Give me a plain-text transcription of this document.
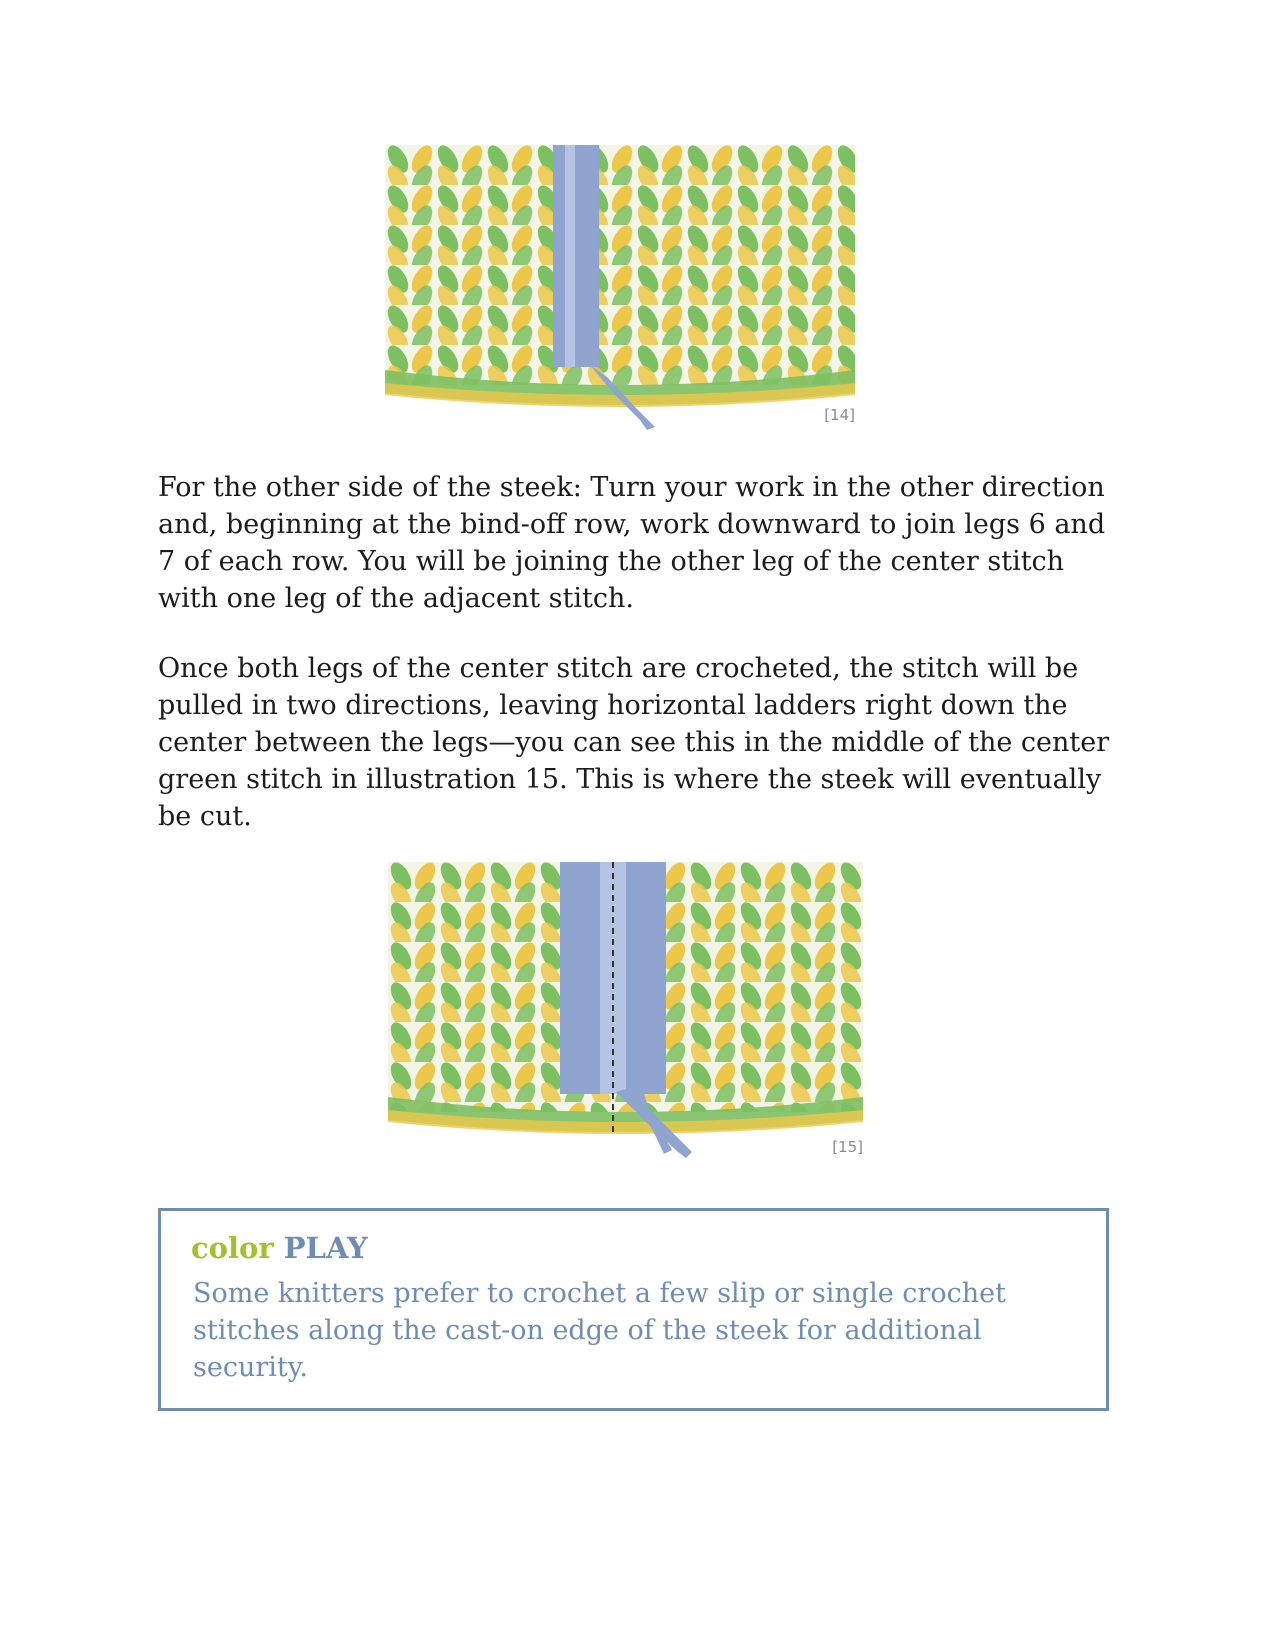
[14]

For the other side of the steek: Turn your work in the other direction and, beginning at the bind-off row, work downward to join legs 6 and 7 of each row. You will be joining the other leg of the center stitch with one leg of the adjacent stitch.

Once both legs of the center stitch are crocheted, the stitch will be pulled in two directions, leaving horizontal ladders right down the center between the legs—you can see this in the middle of the center green stitch in illustration 15. This is where the steek will eventually be cut.

[15]

color PLAY

Some knitters prefer to crochet a few slip or single crochet stitches along the cast-on edge of the steek for additional security.
